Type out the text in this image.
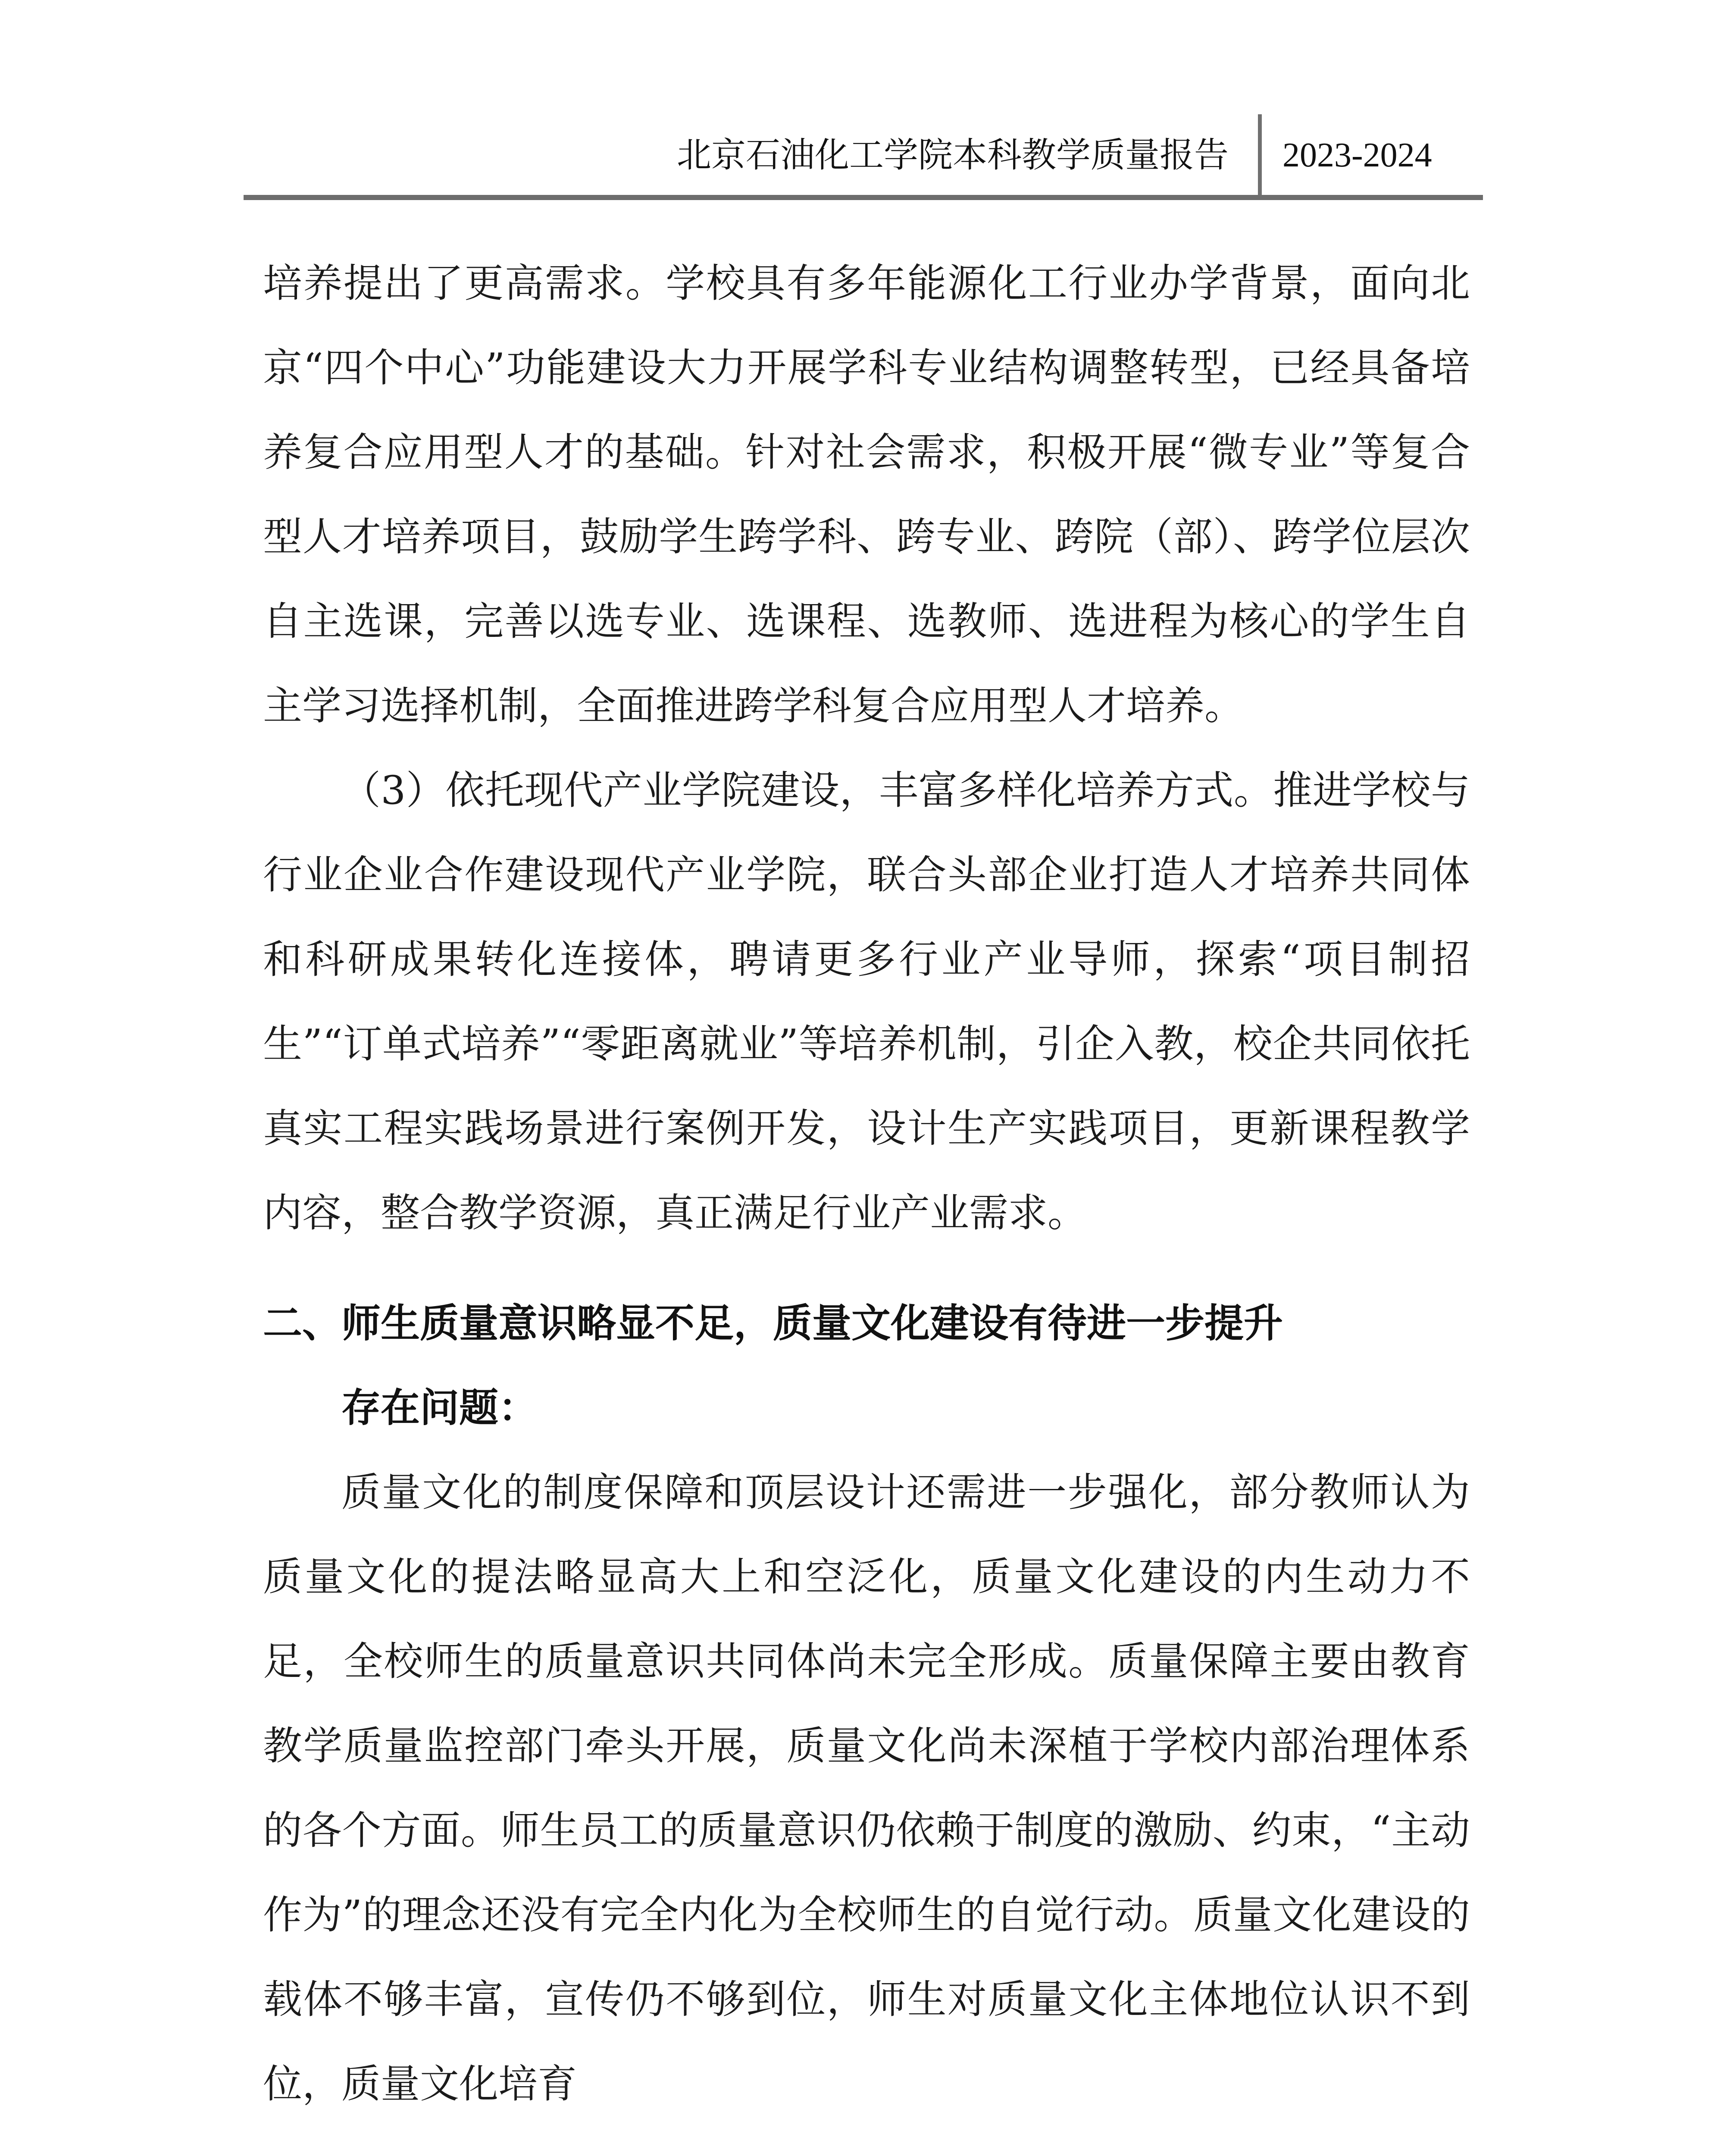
北京石油化工学院本科教学质量报告 2023-2024

培养提出了更高需求。学校具有多年能源化工行业办学背景，面向北京“四个中心”功能建设大力开展学科专业结构调整转型，已经具备培养复合应用型人才的基础。针对社会需求，积极开展“微专业”等复合型人才培养项目，鼓励学生跨学科、跨专业、跨院（部）、跨学位层次自主选课，完善以选专业、选课程、选教师、选进程为核心的学生自主学习选择机制，全面推进跨学科复合应用型人才培养。

（3）依托现代产业学院建设，丰富多样化培养方式。推进学校与行业企业合作建设现代产业学院，联合头部企业打造人才培养共同体和科研成果转化连接体，聘请更多行业产业导师，探索“项目制招生”“订单式培养”“零距离就业”等培养机制，引企入教，校企共同依托真实工程实践场景进行案例开发，设计生产实践项目，更新课程教学内容，整合教学资源，真正满足行业产业需求。

二、师生质量意识略显不足，质量文化建设有待进一步提升

存在问题：

质量文化的制度保障和顶层设计还需进一步强化，部分教师认为质量文化的提法略显高大上和空泛化，质量文化建设的内生动力不足，全校师生的质量意识共同体尚未完全形成。质量保障主要由教育教学质量监控部门牵头开展，质量文化尚未深植于学校内部治理体系的各个方面。师生员工的质量意识仍依赖于制度的激励、约束，“主动作为”的理念还没有完全内化为全校师生的自觉行动。质量文化建设的载体不够丰富，宣传仍不够到位，师生对质量文化主体地位认识不到位，质量文化培育
